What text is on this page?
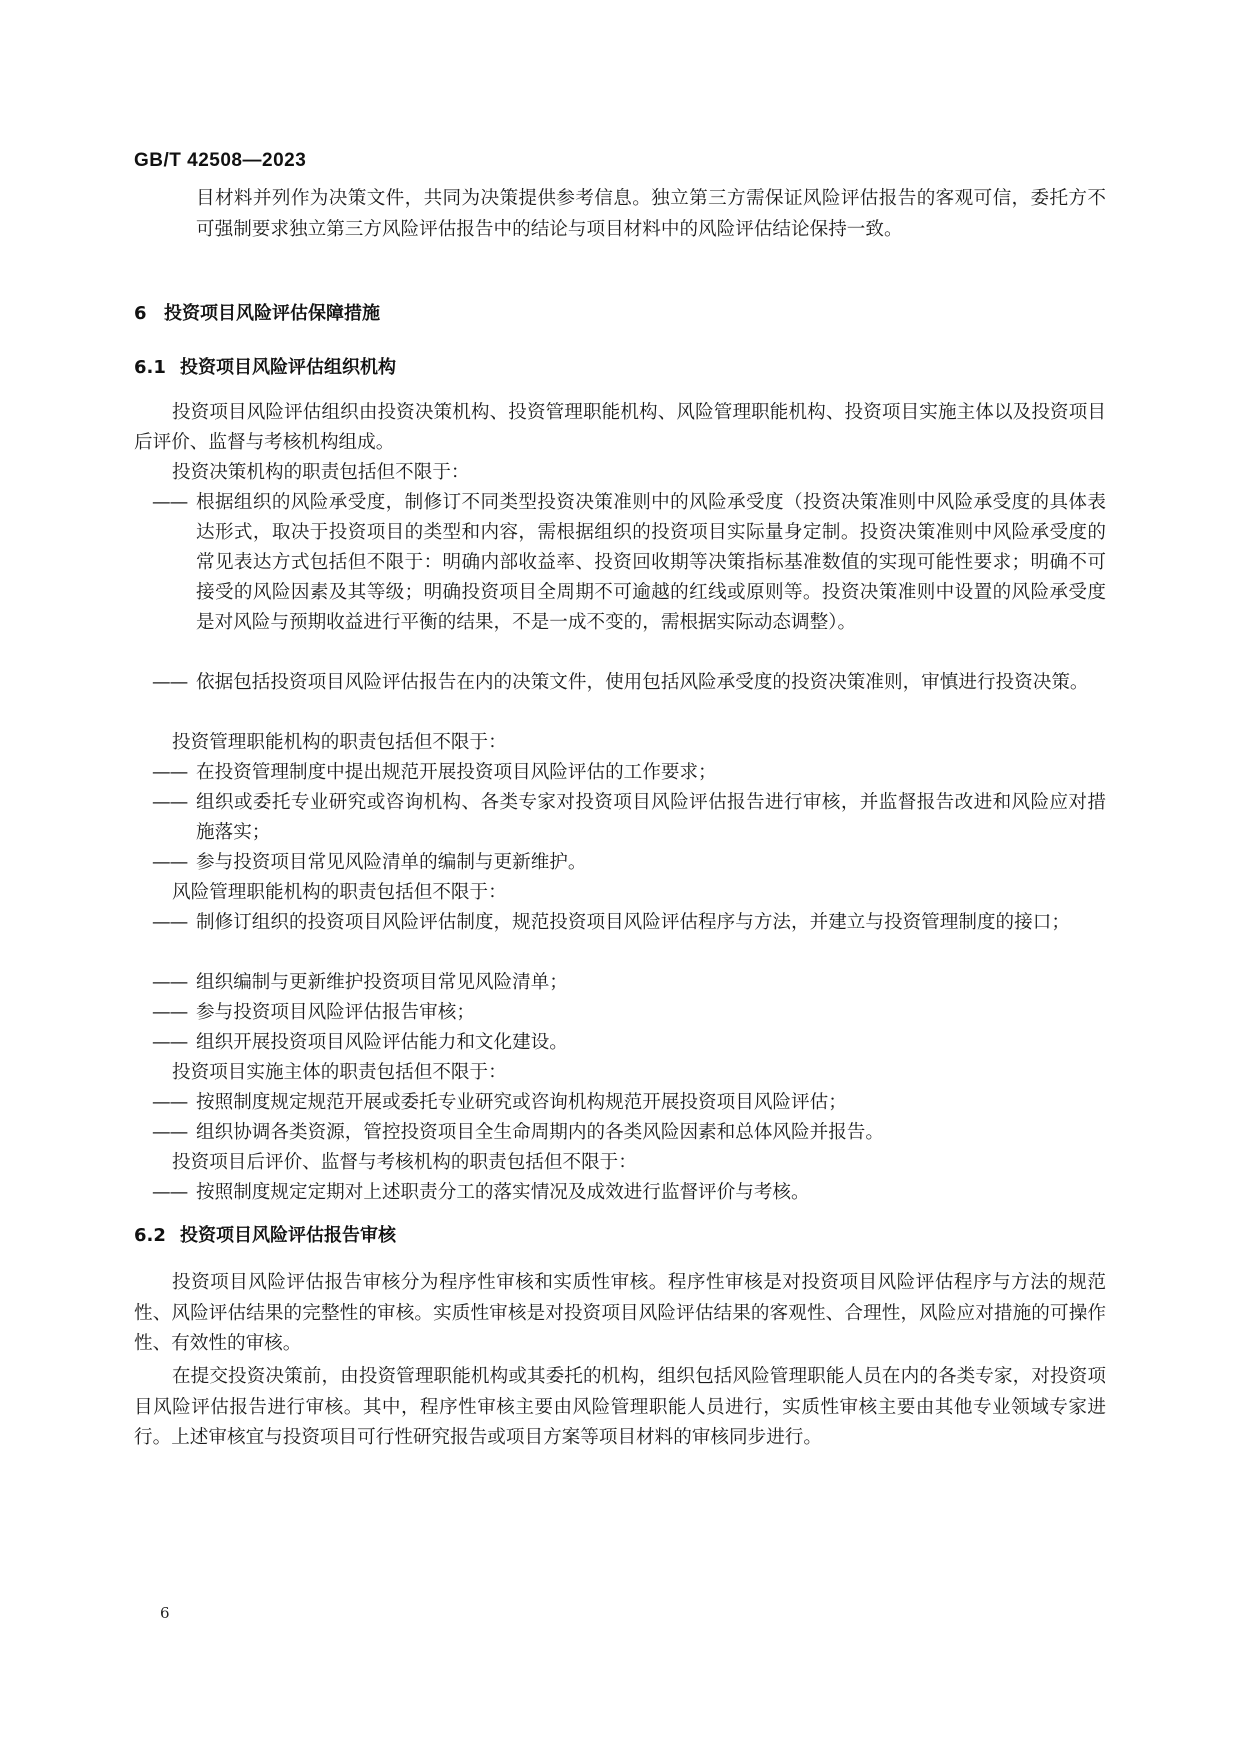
GB/T 42508—2023
目材料并列作为决策文件，共同为决策提供参考信息。独立第三方需保证风险评估报告的客观可信，委托方不可强制要求独立第三方风险评估报告中的结论与项目材料中的风险评估结论保持一致。
6 投资项目风险评估保障措施
6.1 投资项目风险评估组织机构
投资项目风险评估组织由投资决策机构、投资管理职能机构、风险管理职能机构、投资项目实施主体以及投资项目后评价、监督与考核机构组成。
投资决策机构的职责包括但不限于：
—— 根据组织的风险承受度，制修订不同类型投资决策准则中的风险承受度（投资决策准则中风险承受度的具体表达形式，取决于投资项目的类型和内容，需根据组织的投资项目实际量身定制。投资决策准则中风险承受度的常见表达方式包括但不限于：明确内部收益率、投资回收期等决策指标基准数值的实现可能性要求；明确不可接受的风险因素及其等级；明确投资项目全周期不可逾越的红线或原则等。投资决策准则中设置的风险承受度是对风险与预期收益进行平衡的结果，不是一成不变的，需根据实际动态调整）。
—— 依据包括投资项目风险评估报告在内的决策文件，使用包括风险承受度的投资决策准则，审慎进行投资决策。
投资管理职能机构的职责包括但不限于：
—— 在投资管理制度中提出规范开展投资项目风险评估的工作要求；
—— 组织或委托专业研究或咨询机构、各类专家对投资项目风险评估报告进行审核，并监督报告改进和风险应对措施落实；
—— 参与投资项目常见风险清单的编制与更新维护。
风险管理职能机构的职责包括但不限于：
—— 制修订组织的投资项目风险评估制度，规范投资项目风险评估程序与方法，并建立与投资管理制度的接口；
—— 组织编制与更新维护投资项目常见风险清单；
—— 参与投资项目风险评估报告审核；
—— 组织开展投资项目风险评估能力和文化建设。
投资项目实施主体的职责包括但不限于：
—— 按照制度规定规范开展或委托专业研究或咨询机构规范开展投资项目风险评估；
—— 组织协调各类资源，管控投资项目全生命周期内的各类风险因素和总体风险并报告。
投资项目后评价、监督与考核机构的职责包括但不限于：
—— 按照制度规定定期对上述职责分工的落实情况及成效进行监督评价与考核。
6.2 投资项目风险评估报告审核
投资项目风险评估报告审核分为程序性审核和实质性审核。程序性审核是对投资项目风险评估程序与方法的规范性、风险评估结果的完整性的审核。实质性审核是对投资项目风险评估结果的客观性、合理性，风险应对措施的可操作性、有效性的审核。
在提交投资决策前，由投资管理职能机构或其委托的机构，组织包括风险管理职能人员在内的各类专家，对投资项目风险评估报告进行审核。其中，程序性审核主要由风险管理职能人员进行，实质性审核主要由其他专业领域专家进行。上述审核宜与投资项目可行性研究报告或项目方案等项目材料的审核同步进行。
6
